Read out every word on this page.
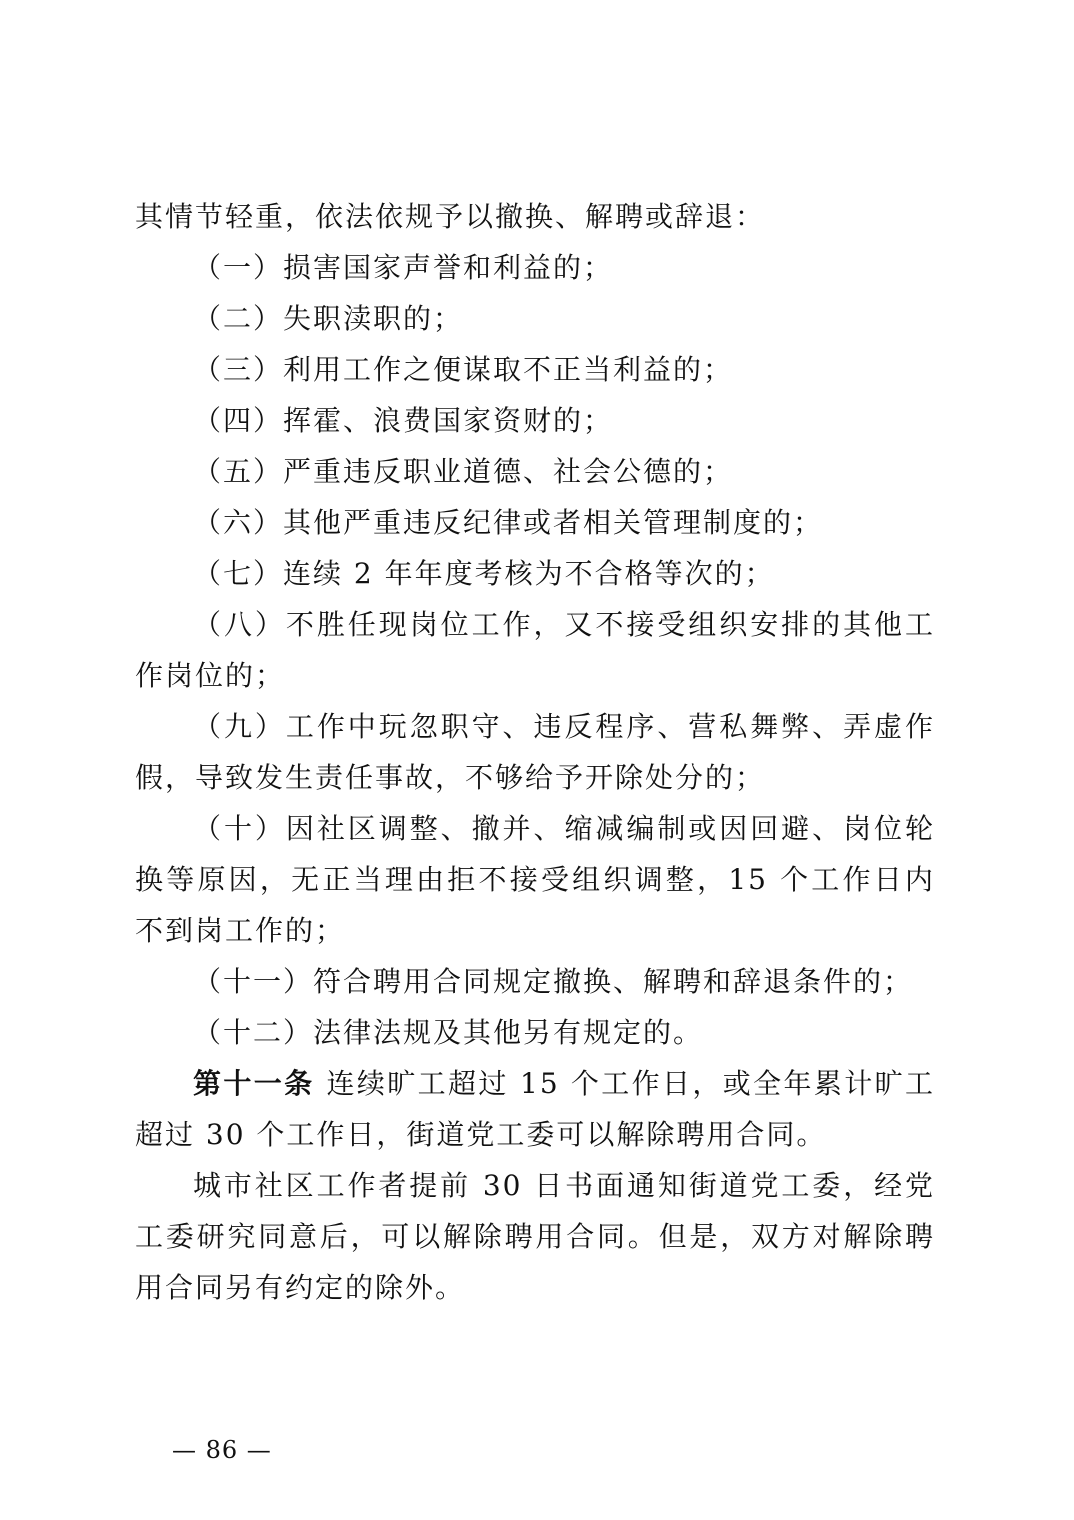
其情节轻重，依法依规予以撤换、解聘或辞退：

（一）损害国家声誉和利益的；

（二）失职渎职的；

（三）利用工作之便谋取不正当利益的；

（四）挥霍、浪费国家资财的；

（五）严重违反职业道德、社会公德的；

（六）其他严重违反纪律或者相关管理制度的；

（七）连续 2 年年度考核为不合格等次的；

（八）不胜任现岗位工作，又不接受组织安排的其他工作岗位的；

（九）工作中玩忽职守、违反程序、营私舞弊、弄虚作假，导致发生责任事故，不够给予开除处分的；

（十）因社区调整、撤并、缩减编制或因回避、岗位轮换等原因，无正当理由拒不接受组织调整，15 个工作日内不到岗工作的；

（十一）符合聘用合同规定撤换、解聘和辞退条件的；

（十二）法律法规及其他另有规定的。

第十一条 连续旷工超过 15 个工作日，或全年累计旷工超过 30 个工作日，街道党工委可以解除聘用合同。

城市社区工作者提前 30 日书面通知街道党工委，经党工委研究同意后，可以解除聘用合同。但是，双方对解除聘用合同另有约定的除外。

— 86 —
